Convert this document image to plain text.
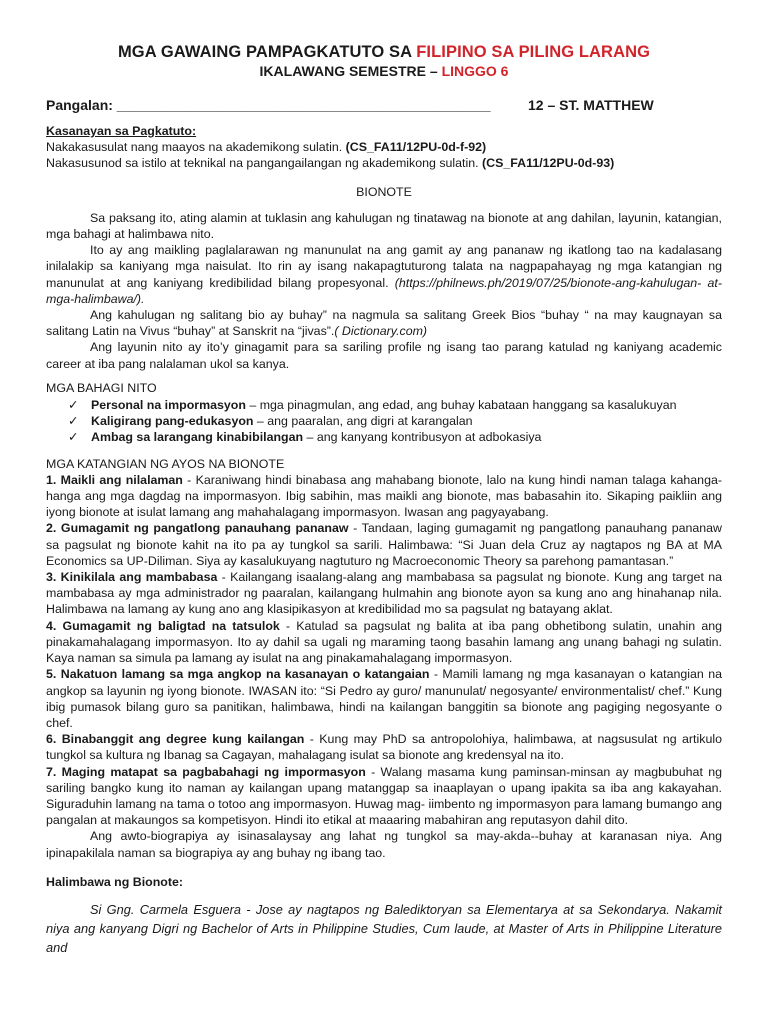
MGA GAWAING PAMPAGKATUTO SA FILIPINO SA PILING LARANG
IKALAWANG SEMESTRE – LINGGO 6
Pangalan: ________________________________________________	12 – ST. MATTHEW
Kasanayan sa Pagkatuto:
Nakakasusulat nang maayos na akademikong sulatin. (CS_FA11/12PU-0d-f-92)
Nakasusunod sa istilo at teknikal na pangangailangan ng akademikong sulatin. (CS_FA11/12PU-0d-93)
BIONOTE

Sa paksang ito, ating alamin at tuklasin ang kahulugan ng tinatawag na bionote at ang dahilan, layunin, katangian, mga bahagi at halimbawa nito.

Ito ay ang maikling paglalarawan ng manunulat na ang gamit ay ang pananaw ng ikatlong tao na kadalasang inilalakip sa kaniyang mga naisulat. Ito rin ay isang nakapagtuturong talata na nagpapahayag ng mga katangian ng manunulat at ang kaniyang kredibilidad bilang propesyonal. (https://philnews.ph/2019/07/25/bionote-ang-kahulugan- at-mga-halimbawa/).

Ang kahulugan ng salitang bio ay buhay” na nagmula sa salitang Greek Bios “buhay “ na may kaugnayan sa salitang Latin na Vivus “buhay” at Sanskrit na “jivas”.( Dictionary.com)

Ang layunin nito ay ito’y ginagamit para sa sariling profile ng isang tao parang katulad ng kaniyang academic career at iba pang nalalaman ukol sa kanya.

MGA BAHAGI NITO
✓ Personal na impormasyon – mga pinagmulan, ang edad, ang buhay kabataan hanggang sa kasalukuyan
✓ Kaligirang pang-edukasyon – ang paaralan, ang digri at karangalan
✓ Ambag sa larangang kinabibilangan – ang kanyang kontribusyon at adbokasiya
MGA KATANGIAN NG AYOS NA BIONOTE

1. Maikli ang nilalaman - Karaniwang hindi binabasa ang mahabang bionote, lalo na kung hindi naman talaga kahanga-hanga ang mga dagdag na impormasyon. Ibig sabihin, mas maikli ang bionote, mas babasahin ito. Sikaping paikliin ang iyong bionote at isulat lamang ang mahahalagang impormasyon. Iwasan ang pagyayabang.

2. Gumagamit ng pangatlong panauhang pananaw - Tandaan, laging gumagamit ng pangatlong panauhang pananaw sa pagsulat ng bionote kahit na ito pa ay tungkol sa sarili. Halimbawa: “Si Juan dela Cruz ay nagtapos ng BA at MA Economics sa UP-Diliman. Siya ay kasalukuyang nagtuturo ng Macroeconomic Theory sa parehong pamantasan.”

3. Kinikilala ang mambabasa - Kailangang isaalang-alang ang mambabasa sa pagsulat ng bionote. Kung ang target na mambabasa ay mga administrador ng paaralan, kailangang hulmahin ang bionote ayon sa kung ano ang hinahanap nila. Halimbawa na lamang ay kung ano ang klasipikasyon at kredibilidad mo sa pagsulat ng batayang aklat.

4. Gumagamit ng baligtad na tatsulok - Katulad sa pagsulat ng balita at iba pang obhetibong sulatin, unahin ang pinakamahalagang impormasyon. Ito ay dahil sa ugali ng maraming taong basahin lamang ang unang bahagi ng sulatin. Kaya naman sa simula pa lamang ay isulat na ang pinakamahalagang impormasyon.

5. Nakatuon lamang sa mga angkop na kasanayan o katangaian - Mamili lamang ng mga kasanayan o katangian na angkop sa layunin ng iyong bionote. IWASAN ito: “Si Pedro ay guro/ manunulat/ negosyante/ environmentalist/ chef.” Kung ibig pumasok bilang guro sa panitikan, halimbawa, hindi na kailangan banggitin sa bionote ang pagiging negosyante o chef.

6. Binabanggit ang degree kung kailangan - Kung may PhD sa antropolohiya, halimbawa, at nagsusulat ng artikulo tungkol sa kultura ng Ibanag sa Cagayan, mahalagang isulat sa bionote ang kredensyal na ito.

7. Maging matapat sa pagbabahagi ng impormasyon - Walang masama kung paminsan-minsan ay magbubuhat ng sariling bangko kung ito naman ay kailangan upang matanggap sa inaaplayan o upang ipakita sa iba ang kakayahan. Siguraduhin lamang na tama o totoo ang impormasyon. Huwag mag- iimbento ng impormasyon para lamang bumango ang pangalan at makaungos sa kompetisyon. Hindi ito etikal at maaaring mabahiran ang reputasyon dahil dito.

Ang awto-biograpiya ay isinasalaysay ang lahat ng tungkol sa may-akda--buhay at karanasan niya. Ang ipinapakilala naman sa biograpiya ay ang buhay ng ibang tao.

Halimbawa ng Bionote:

Si Gng. Carmela Esguera - Jose ay nagtapos ng Balediktoryan sa Elementarya at sa Sekondarya. Nakamit niya ang kanyang Digri ng Bachelor of Arts in Philippine Studies, Cum laude, at Master of Arts in Philippine Literature and
